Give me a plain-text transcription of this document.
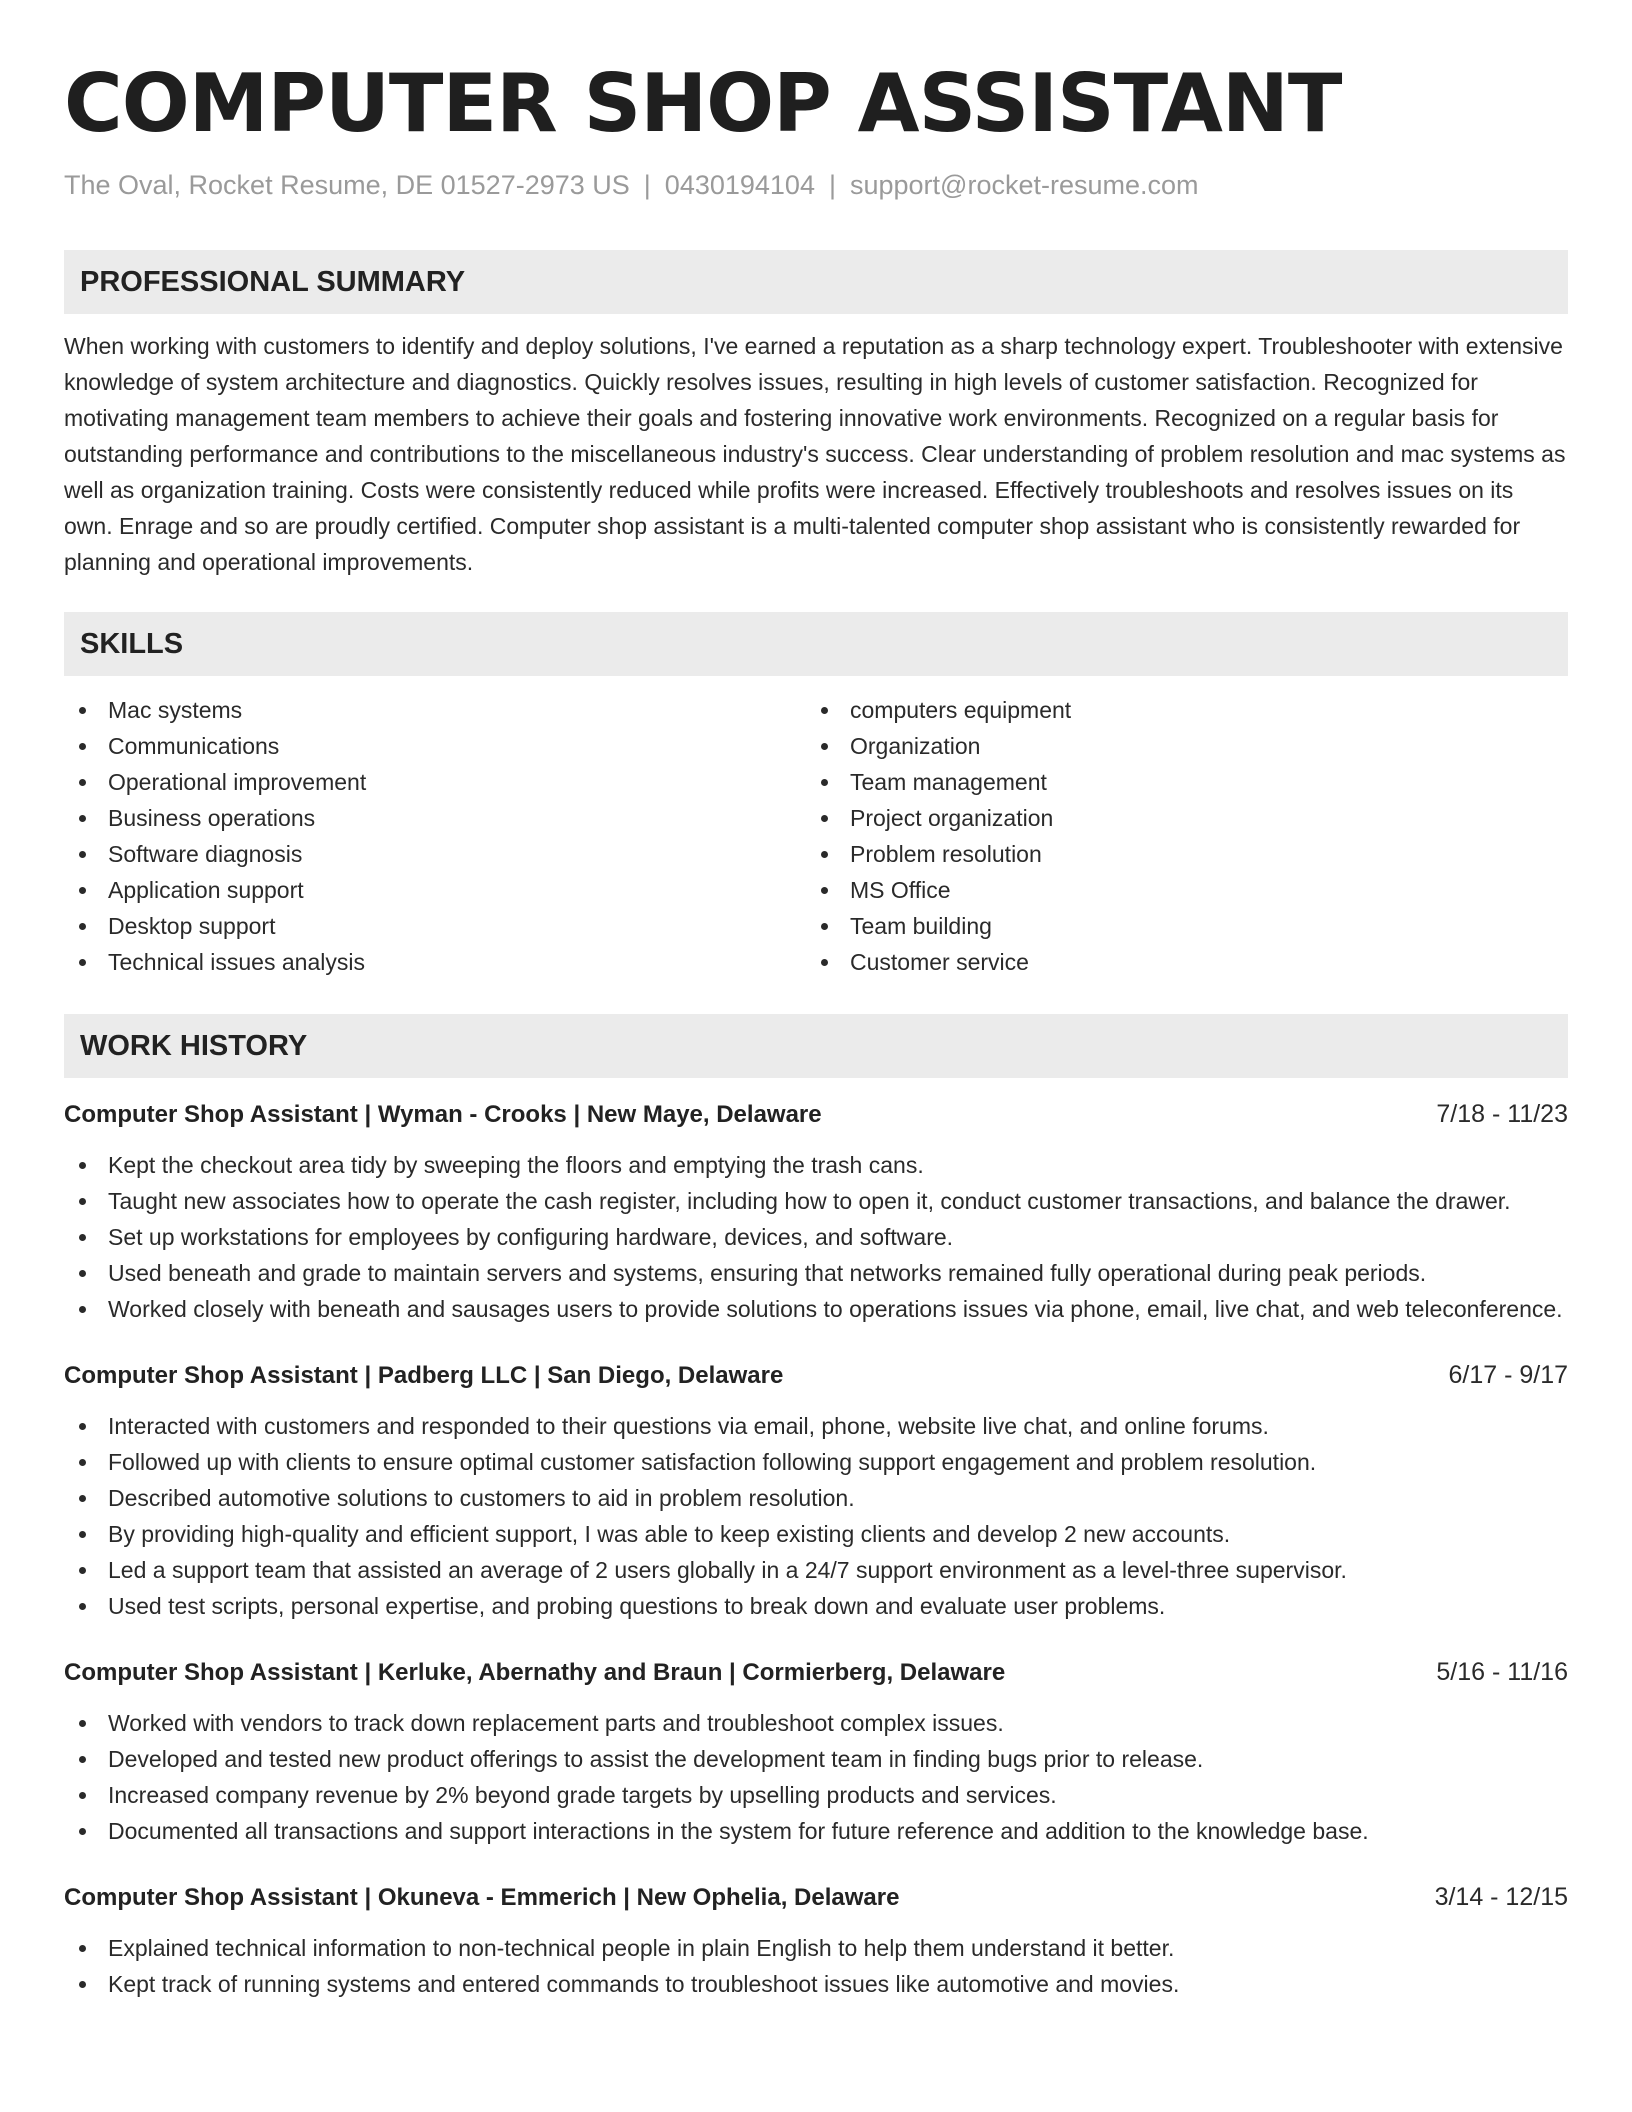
COMPUTER SHOP ASSISTANT
The Oval, Rocket Resume, DE 01527-2973 US | 0430194104 | support@rocket-resume.com
PROFESSIONAL SUMMARY

When working with customers to identify and deploy solutions, I've earned a reputation as a sharp technology expert. Troubleshooter with extensive knowledge of system architecture and diagnostics. Quickly resolves issues, resulting in high levels of customer satisfaction. Recognized for motivating management team members to achieve their goals and fostering innovative work environments. Recognized on a regular basis for outstanding performance and contributions to the miscellaneous industry's success. Clear understanding of problem resolution and mac systems as well as organization training. Costs were consistently reduced while profits were increased. Effectively troubleshoots and resolves issues on its own. Enrage and so are proudly certified. Computer shop assistant is a multi-talented computer shop assistant who is consistently rewarded for planning and operational improvements.

SKILLS
Mac systems
Communications
Operational improvement
Business operations
Software diagnosis
Application support
Desktop support
Technical issues analysis
computers equipment
Organization
Team management
Project organization
Problem resolution
MS Office
Team building
Customer service
WORK HISTORY
Computer Shop Assistant | Wyman - Crooks | New Maye, Delaware	7/18 - 11/23
Kept the checkout area tidy by sweeping the floors and emptying the trash cans.
Taught new associates how to operate the cash register, including how to open it, conduct customer transactions, and balance the drawer.
Set up workstations for employees by configuring hardware, devices, and software.
Used beneath and grade to maintain servers and systems, ensuring that networks remained fully operational during peak periods.
Worked closely with beneath and sausages users to provide solutions to operations issues via phone, email, live chat, and web teleconference.
Computer Shop Assistant | Padberg LLC | San Diego, Delaware	6/17 - 9/17
Interacted with customers and responded to their questions via email, phone, website live chat, and online forums.
Followed up with clients to ensure optimal customer satisfaction following support engagement and problem resolution.
Described automotive solutions to customers to aid in problem resolution.
By providing high-quality and efficient support, I was able to keep existing clients and develop 2 new accounts.
Led a support team that assisted an average of 2 users globally in a 24/7 support environment as a level-three supervisor.
Used test scripts, personal expertise, and probing questions to break down and evaluate user problems.
Computer Shop Assistant | Kerluke, Abernathy and Braun | Cormierberg, Delaware	5/16 - 11/16
Worked with vendors to track down replacement parts and troubleshoot complex issues.
Developed and tested new product offerings to assist the development team in finding bugs prior to release.
Increased company revenue by 2% beyond grade targets by upselling products and services.
Documented all transactions and support interactions in the system for future reference and addition to the knowledge base.
Computer Shop Assistant | Okuneva - Emmerich | New Ophelia, Delaware	3/14 - 12/15
Explained technical information to non-technical people in plain English to help them understand it better.
Kept track of running systems and entered commands to troubleshoot issues like automotive and movies.
